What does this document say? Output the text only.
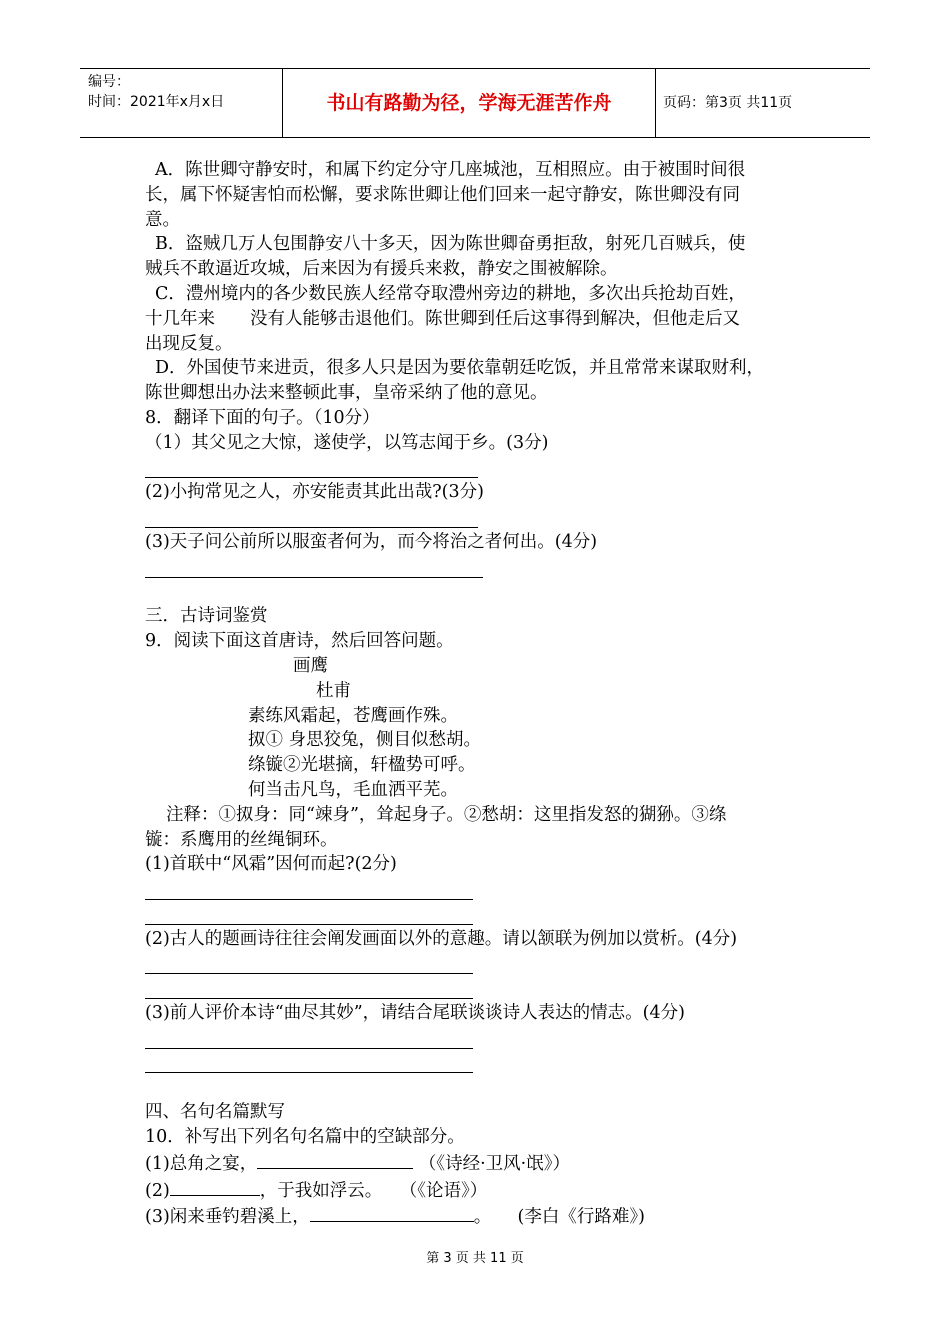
编号：
时间：2021年x月x日	书山有路勤为径，学海无涯苦作舟	页码：第3页 共11页

A．陈世卿守静安时，和属下约定分守几座城池，互相照应。由于被围时间很

长，属下怀疑害怕而松懈，要求陈世卿让他们回来一起守静安，陈世卿没有同

意。

B．盗贼几万人包围静安八十多天，因为陈世卿奋勇拒敌，射死几百贼兵，使

贼兵不敢逼近攻城，后来因为有援兵来救，静安之围被解除。

C．澧州境内的各少数民族人经常夺取澧州旁边的耕地，多次出兵抢劫百姓，

十几年来　　没有人能够击退他们。陈世卿到任后这事得到解决，但他走后又

出现反复。

D．外国使节来进贡，很多人只是因为要依靠朝廷吃饭，并且常常来谋取财利，

陈世卿想出办法来整顿此事，皇帝采纳了他的意见。

8．翻译下面的句子。（10分）

（1）其父见之大惊，遂使学，以笃志闻于乡。(3分)

(2)小拘常见之人，亦安能责其此出哉?(3分)

(3)天子问公前所以服蛮者何为，而今将治之者何出。(4分)

三．古诗词鉴赏

9．阅读下面这首唐诗，然后回答问题。

画鹰

杜甫

素练风霜起，苍鹰画作殊。

㧐① 身思狡兔，侧目似愁胡。

绦镟②光堪摘，轩楹势可呼。

何当击凡鸟，毛血洒平芜。

注释：①㧐身：同“竦身”，耸起身子。②愁胡：这里指发怒的猢狲。③绦

镟：系鹰用的丝绳铜环。

(1)首联中“风霜”因何而起?(2分)

(2)古人的题画诗往往会阐发画面以外的意趣。请以颔联为例加以赏析。(4分)

(3)前人评价本诗“曲尽其妙”，请结合尾联谈谈诗人表达的情志。(4分)

四、名句名篇默写

10．补写出下列名句名篇中的空缺部分。

(1)总角之宴，	（《诗经·卫风·氓》）

(2)	，于我如浮云。　　（《论语》）

(3)闲来垂钓碧溪上，	。　　(李白《行路难》)

第 3 页 共 11 页
